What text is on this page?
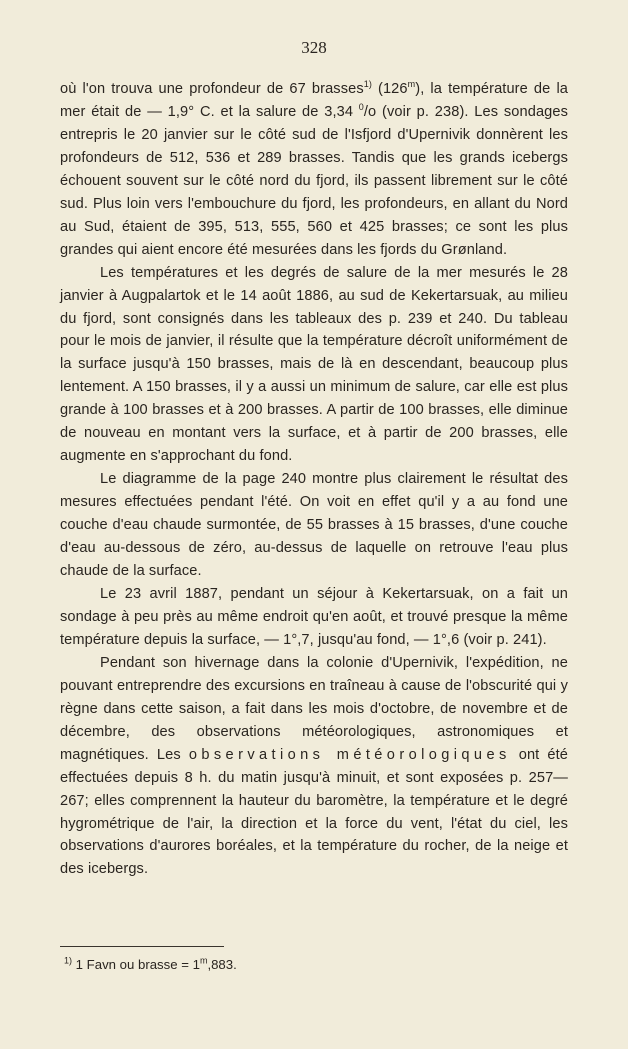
328

où l'on trouva une profondeur de 67 brasses$^{1)}$ (126$^m$), la température de la mer était de — 1,9° C. et la salure de 3,34 $^0$/o (voir p. 238). Les sondages entrepris le 20 janvier sur le côté sud de l'Isfjord d'Upernivik donnèrent les profondeurs de 512, 536 et 289 brasses. Tandis que les grands icebergs échouent souvent sur le côté nord du fjord, ils passent librement sur le côté sud. Plus loin vers l'embouchure du fjord, les profondeurs, en allant du Nord au Sud, étaient de 395, 513, 555, 560 et 425 brasses; ce sont les plus grandes qui aient encore été mesurées dans les fjords du Grønland.

Les températures et les degrés de salure de la mer mesurés le 28 janvier à Augpalartok et le 14 août 1886, au sud de Kekertarsuak, au milieu du fjord, sont consignés dans les tableaux des p. 239 et 240. Du tableau pour le mois de janvier, il résulte que la température décroît uniformément de la surface jusqu'à 150 brasses, mais de là en descendant, beaucoup plus lentement. A 150 brasses, il y a aussi un minimum de salure, car elle est plus grande à 100 brasses et à 200 brasses. A partir de 100 brasses, elle diminue de nouveau en montant vers la surface, et à partir de 200 brasses, elle augmente en s'approchant du fond.

Le diagramme de la page 240 montre plus clairement le résultat des mesures effectuées pendant l'été. On voit en effet qu'il y a au fond une couche d'eau chaude surmontée, de 55 brasses à 15 brasses, d'une couche d'eau au-dessous de zéro, au-dessus de laquelle on retrouve l'eau plus chaude de la surface.

Le 23 avril 1887, pendant un séjour à Kekertarsuak, on a fait un sondage à peu près au même endroit qu'en août, et trouvé presque la même température depuis la surface, — 1°,7, jusqu'au fond, — 1°,6 (voir p. 241).

Pendant son hivernage dans la colonie d'Upernivik, l'expédition, ne pouvant entreprendre des excursions en traîneau à cause de l'obscurité qui y règne dans cette saison, a fait dans les mois d'octobre, de novembre et de décembre, des observations météorologiques, astronomiques et magnétiques. Les observations météorologiques ont été effectuées depuis 8 h. du matin jusqu'à minuit, et sont exposées p. 257—267; elles comprennent la hauteur du baromètre, la température et le degré hygrométrique de l'air, la direction et la force du vent, l'état du ciel, les observations d'aurores boréales, et la température du rocher, de la neige et des icebergs.

$^{1)}$ 1 Favn ou brasse = $1^m,883$.
